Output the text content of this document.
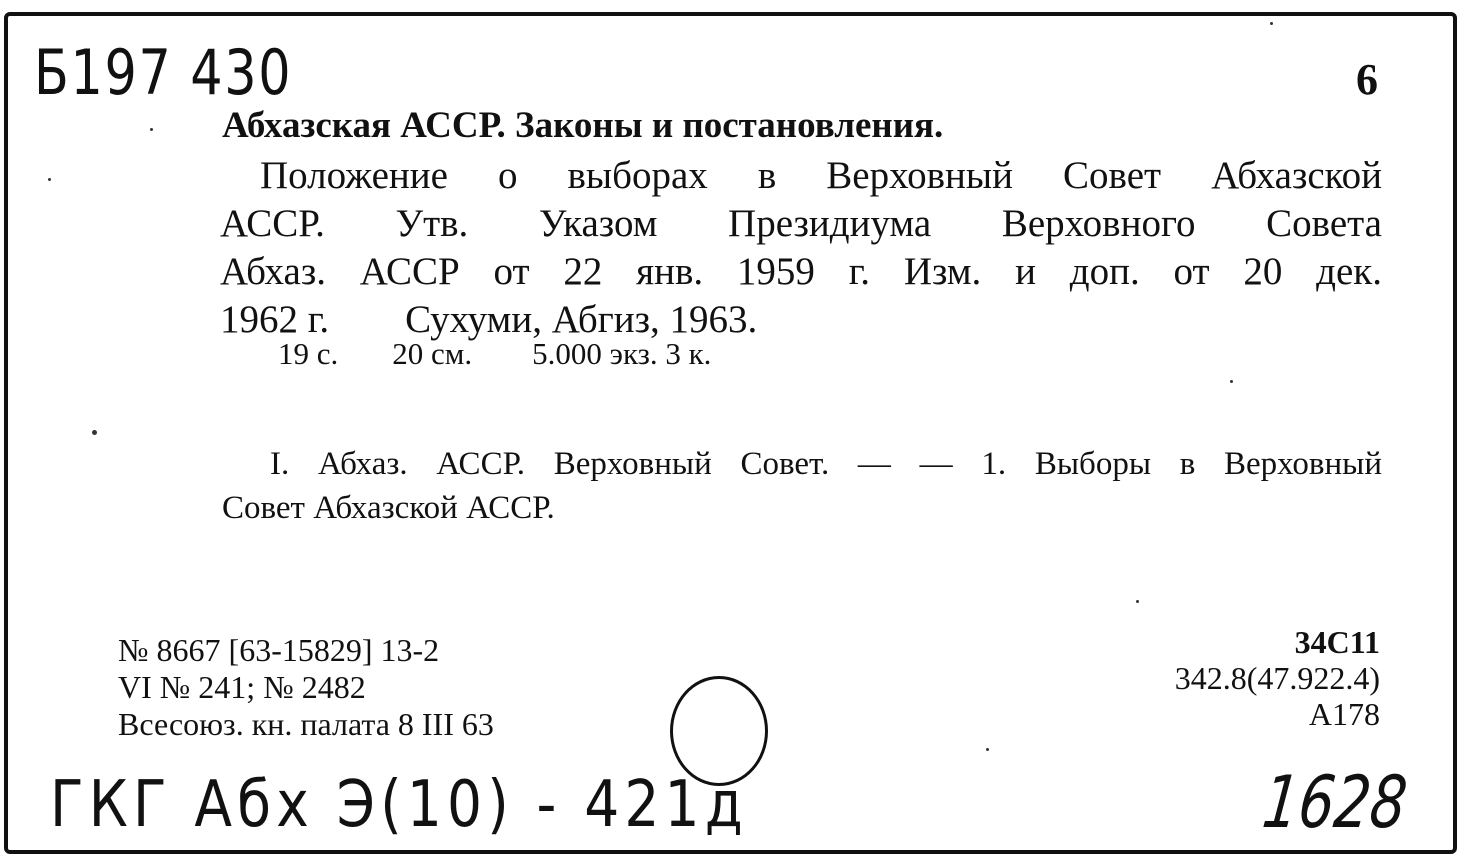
Б197 430	6
Абхазская АССР. Законы и постановления.
Положение о выборах в Верховный Совет Абхазской
АССР. Утв. Указом Президиума Верховного Совета
Абхаз. АССР от 22 янв. 1959 г. Изм. и доп. от 20 дек.
1962 г. Сухуми, Абгиз, 1963.
19 с. 20 см. 5.000 экз. 3 к.
I. Абхаз. АССР. Верховный Совет. — — 1. Выборы в Верховный
Совет Абхазской АССР.
№ 8667 [63-15829] 13-2
VI № 241; № 2482
Всесоюз. кн. палата 8 III 63
34С11
342.8(47.922.4)
А178
ГКГ Абх Э(10) - 421д	1628
